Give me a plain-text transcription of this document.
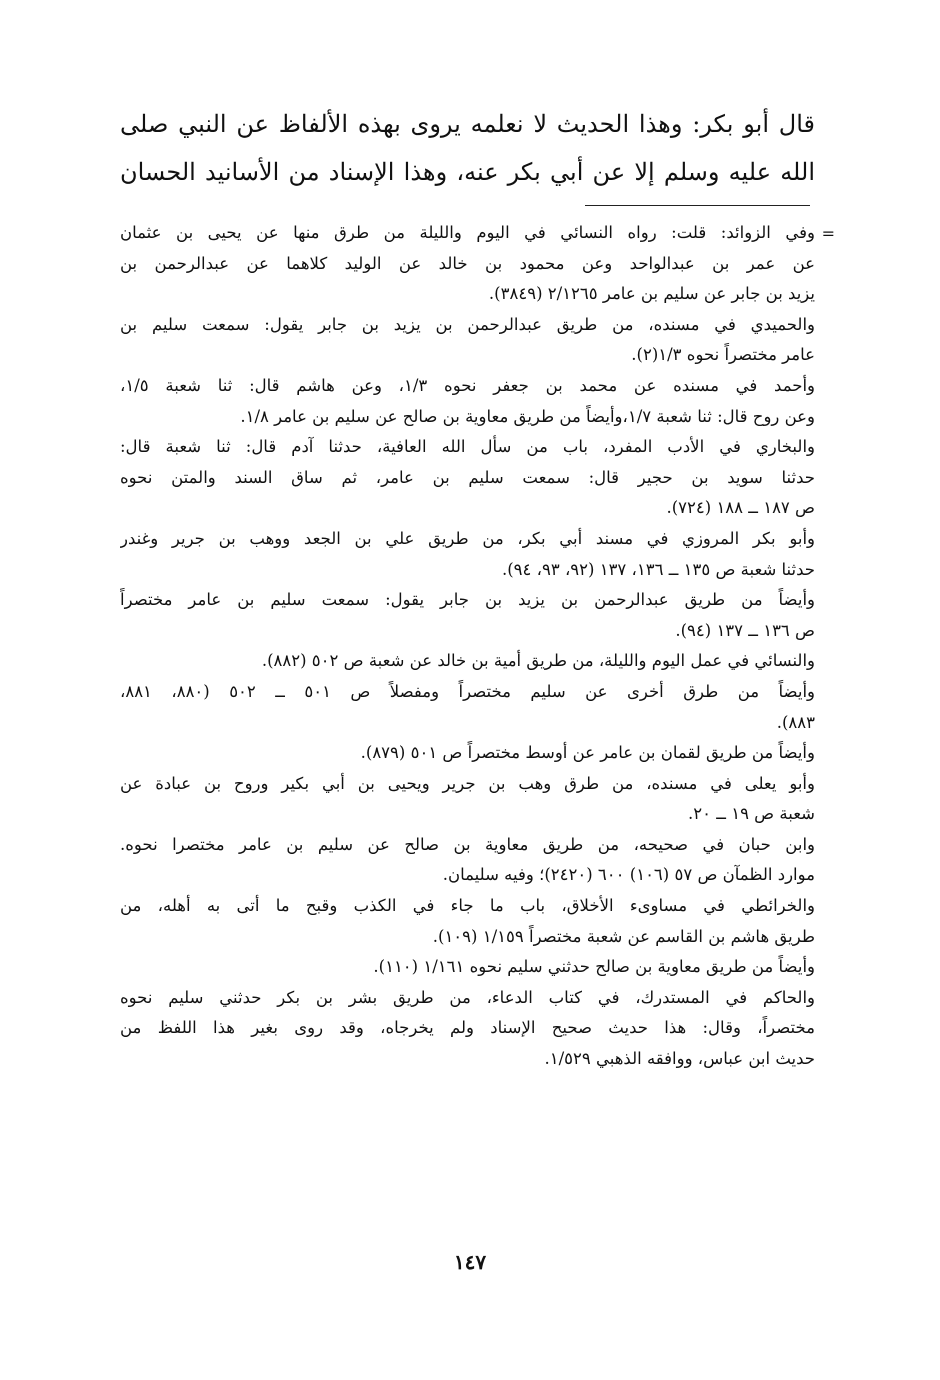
قال أبو بكر: وهذا الحديث لا نعلمه يروى بهذه الألفاظ عن النبي صلى
الله عليه وسلم إلا عن أبي بكر عنه، وهذا الإسناد من الأسانيد الحسان
=
وفي الزوائد: قلت: رواه النسائي في اليوم والليلة من طرق منها عن يحيى بن عثمان
عن عمر بن عبدالواحد وعن محمود بن خالد عن الوليد كلاهما عن عبدالرحمن بن
يزيد بن جابر عن سليم بن عامر ٢/١٢٦٥ (٣٨٤٩).
والحميدي في مسنده، من طريق عبدالرحمن بن يزيد بن جابر يقول: سمعت سليم بن
عامر مختصراً نحوه ١/٣(٢).
وأحمد في مسنده عن محمد بن جعفر نحوه ١/٣، وعن هاشم قال: ثنا شعبة ١/٥،
وعن روح قال: ثنا شعبة ١/٧،وأيضاً من طريق معاوية بن صالح عن سليم بن عامر ١/٨.
والبخاري في الأدب المفرد، باب من سأل الله العافية، حدثنا آدم قال: ثنا شعبة قال:
حدثنا سويد بن حجير قال: سمعت سليم بن عامر، ثم ساق السند والمتن نحوه
ص ١٨٧ ــ ١٨٨ (٧٢٤).
وأبو بكر المروزي في مسند أبي بكر، من طريق علي بن الجعد ووهب بن جرير وغندر
حدثنا شعبة ص ١٣٥ ــ ١٣٦، ١٣٧ (٩٢، ٩٣، ٩٤).
وأيضاً من طريق عبدالرحمن بن يزيد بن جابر يقول: سمعت سليم بن عامر مختصراً
ص ١٣٦ ــ ١٣٧ (٩٤).
والنسائي في عمل اليوم والليلة، من طريق أمية بن خالد عن شعبة ص ٥٠٢ (٨٨٢).
وأيضاً من طرق أخرى عن سليم مختصراً ومفصلاً ص ٥٠١ ــ ٥٠٢ (٨٨٠، ٨٨١،
٨٨٣).
وأيضاً من طريق لقمان بن عامر عن أوسط مختصراً ص ٥٠١ (٨٧٩).
وأبو يعلى في مسنده، من طرق وهب بن جرير ويحيى بن أبي بكير وروح بن عبادة عن
شعبة ص ١٩ ــ ٢٠.
وابن حبان في صحيحه، من طريق معاوية بن صالح عن سليم بن عامر مختصرا نحوه.
موارد الظمآن ص ٥٧ (١٠٦) ٦٠٠ (٢٤٢٠)؛ وفيه سليمان.
والخرائطي في مساوىء الأخلاق، باب ما جاء في الكذب وقبح ما أتى به أهله، من
طريق هاشم بن القاسم عن شعبة مختصراً ١/١٥٩ (١٠٩).
وأيضاً من طريق معاوية بن صالح حدثني سليم نحوه ١/١٦١ (١١٠).
والحاكم في المستدرك، في كتاب الدعاء، من طريق بشر بن بكر حدثني سليم نحوه
مختصراً، وقال: هذا حديث صحيح الإسناد ولم يخرجاه، وقد روى بغير هذا اللفظ من
حديث ابن عباس، ووافقه الذهبي ١/٥٢٩.
١٤٧
